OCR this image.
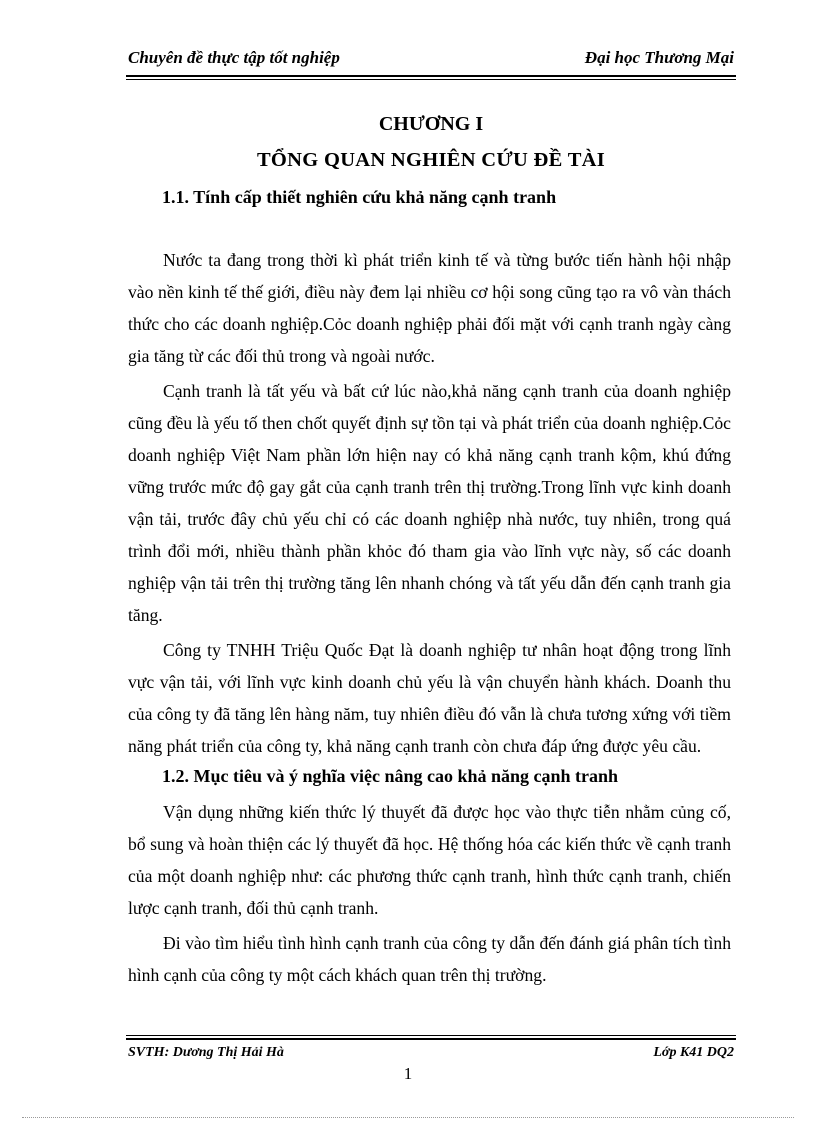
Chuyên đề thực tập tốt nghiệp	Đại học Thương Mại
CHƯƠNG I
TỔNG QUAN NGHIÊN CỨU ĐỀ TÀI
1.1. Tính cấp thiết nghiên cứu khả năng cạnh tranh

Nước ta đang trong thời kì phát triển kinh tế và từng bước tiến hành hội nhập vào nền kinh tế thế giới, điều này đem lại nhiều cơ hội song cũng tạo ra vô vàn thách thức cho các doanh nghiệp.Cỏc doanh nghiệp phải đối mặt với cạnh tranh ngày càng gia tăng từ các đối thủ trong và ngoài nước.

Cạnh tranh là tất yếu và bất cứ lúc nào,khả năng cạnh tranh của doanh nghiệp cũng đều là yếu tố then chốt quyết định sự tồn tại và phát triển của doanh nghiệp.Cỏc doanh nghiệp Việt Nam phần lớn hiện nay có khả năng cạnh tranh kộm, khú đứng vững trước mức độ gay gắt của cạnh tranh trên thị trường.Trong lĩnh vực kinh doanh vận tải, trước đây chủ yếu chỉ có các doanh nghiệp nhà nước, tuy nhiên, trong quá trình đổi mới, nhiều thành phần khỏc đó tham gia vào lĩnh vực này, số các doanh nghiệp vận tải trên thị trường tăng lên nhanh chóng và tất yếu dẫn đến cạnh tranh gia tăng.

Công ty TNHH Triệu Quốc Đạt là doanh nghiệp tư nhân hoạt động trong lĩnh vực vận tải, với lĩnh vực kinh doanh chủ yếu là vận chuyển hành khách. Doanh thu của công ty đã tăng lên hàng năm, tuy nhiên điều đó vẫn là chưa tương xứng với tiềm năng phát triển của công ty, khả năng cạnh tranh còn chưa đáp ứng được yêu cầu.

1.2. Mục tiêu và ý nghĩa việc nâng cao khả năng cạnh tranh

Vận dụng những kiến thức lý thuyết đã được học vào thực tiễn nhằm củng cố, bổ sung và hoàn thiện các lý thuyết đã học. Hệ thống hóa các kiến thức về cạnh tranh của một doanh nghiệp như: các phương thức cạnh tranh, hình thức cạnh tranh, chiến lược cạnh tranh, đối thủ cạnh tranh.

Đi vào tìm hiểu tình hình cạnh tranh của công ty dẫn đến đánh giá phân tích tình hình cạnh của công ty một cách khách quan trên thị trường.

SVTH: Dương Thị Hải Hà	Lớp K41 DQ2
1
